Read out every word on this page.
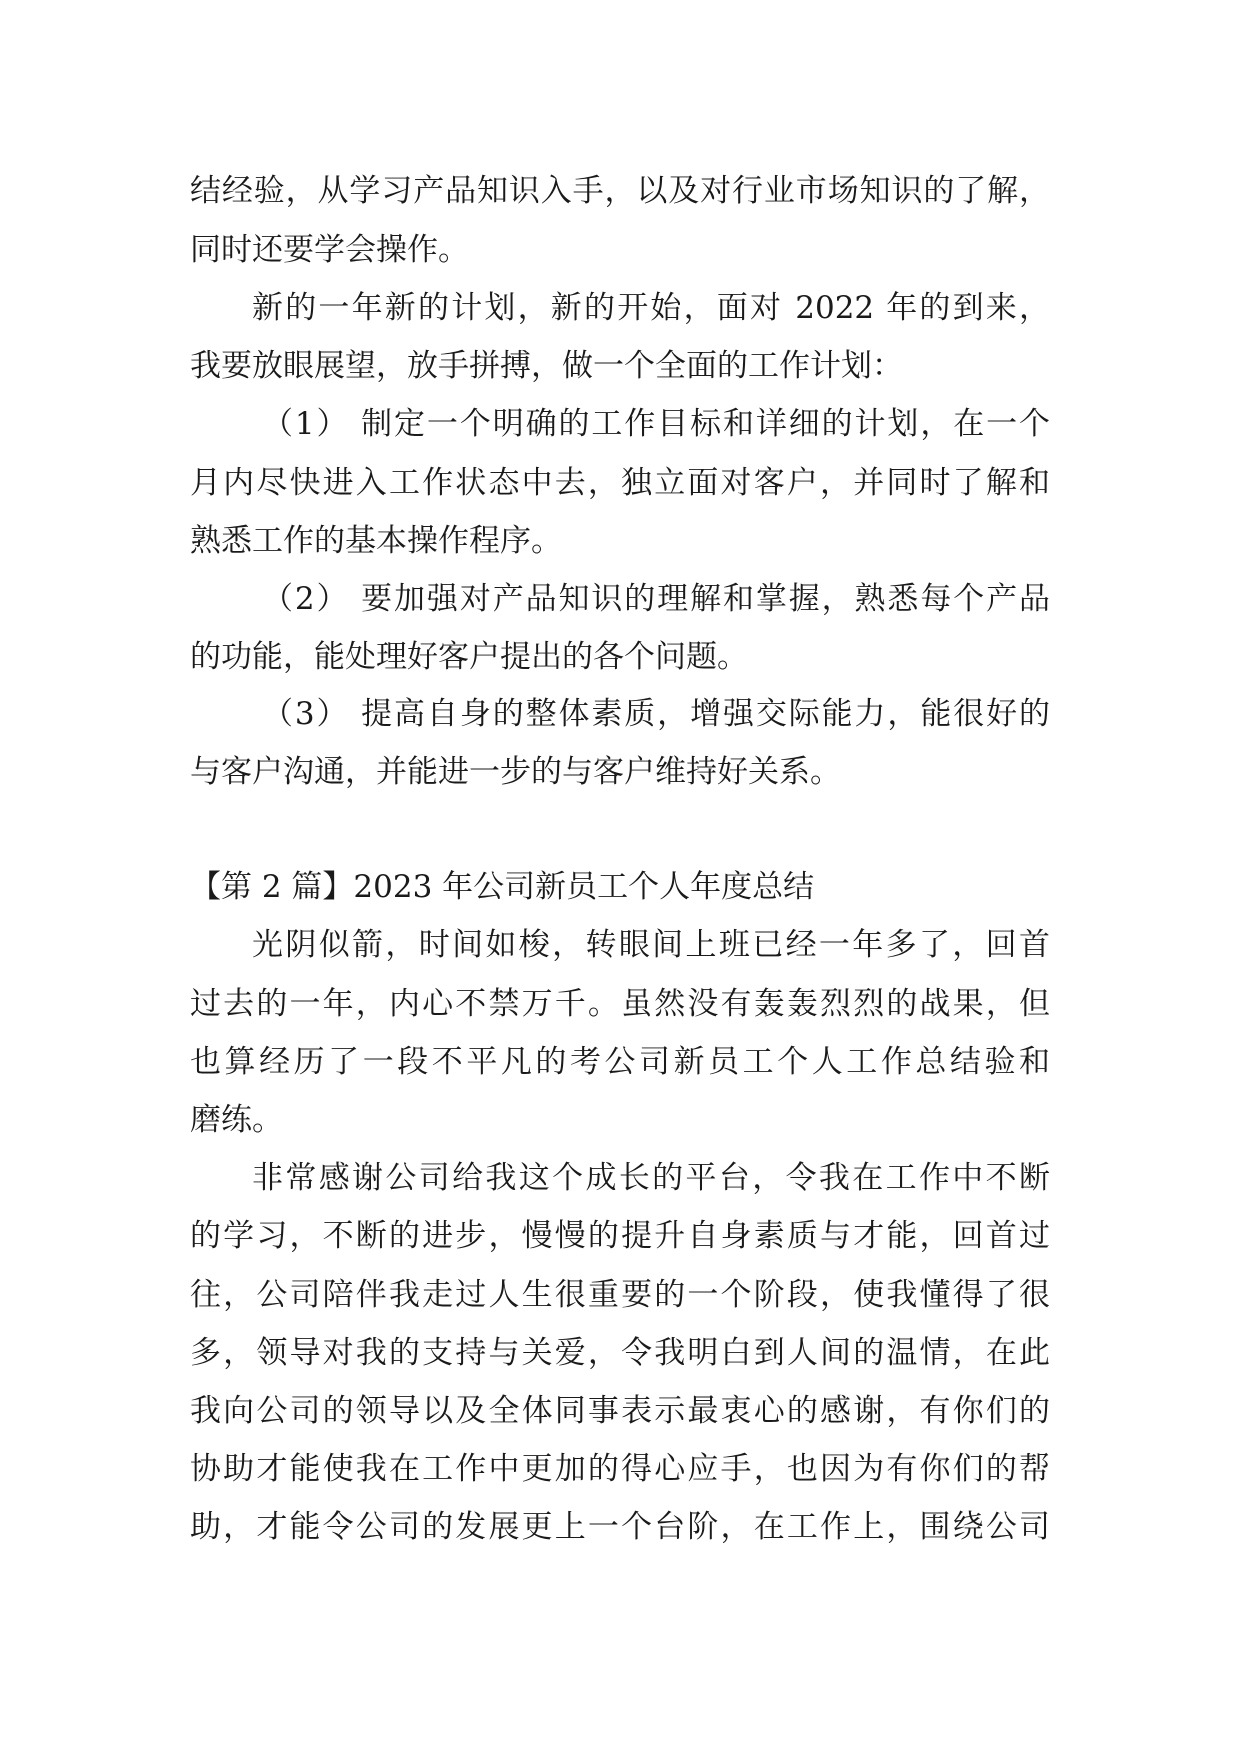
结经验，从学习产品知识入手，以及对行业市场知识的了解，
同时还要学会操作。
新的一年新的计划，新的开始，面对 2022 年的到来，
我要放眼展望，放手拼搏，做一个全面的工作计划：
（1） 制定一个明确的工作目标和详细的计划，在一个
月内尽快进入工作状态中去，独立面对客户，并同时了解和
熟悉工作的基本操作程序。
（2） 要加强对产品知识的理解和掌握，熟悉每个产品
的功能，能处理好客户提出的各个问题。
（3） 提高自身的整体素质，增强交际能力，能很好的
与客户沟通，并能进一步的与客户维持好关系。
【第 2 篇】2023 年公司新员工个人年度总结
光阴似箭，时间如梭，转眼间上班已经一年多了，回首
过去的一年，内心不禁万千。虽然没有轰轰烈烈的战果，但
也算经历了一段不平凡的考公司新员工个人工作总结验和
磨练。
非常感谢公司给我这个成长的平台，令我在工作中不断
的学习，不断的进步，慢慢的提升自身素质与才能，回首过
往，公司陪伴我走过人生很重要的一个阶段，使我懂得了很
多，领导对我的支持与关爱，令我明白到人间的温情，在此
我向公司的领导以及全体同事表示最衷心的感谢，有你们的
协助才能使我在工作中更加的得心应手，也因为有你们的帮
助，才能令公司的发展更上一个台阶，在工作上，围绕公司
